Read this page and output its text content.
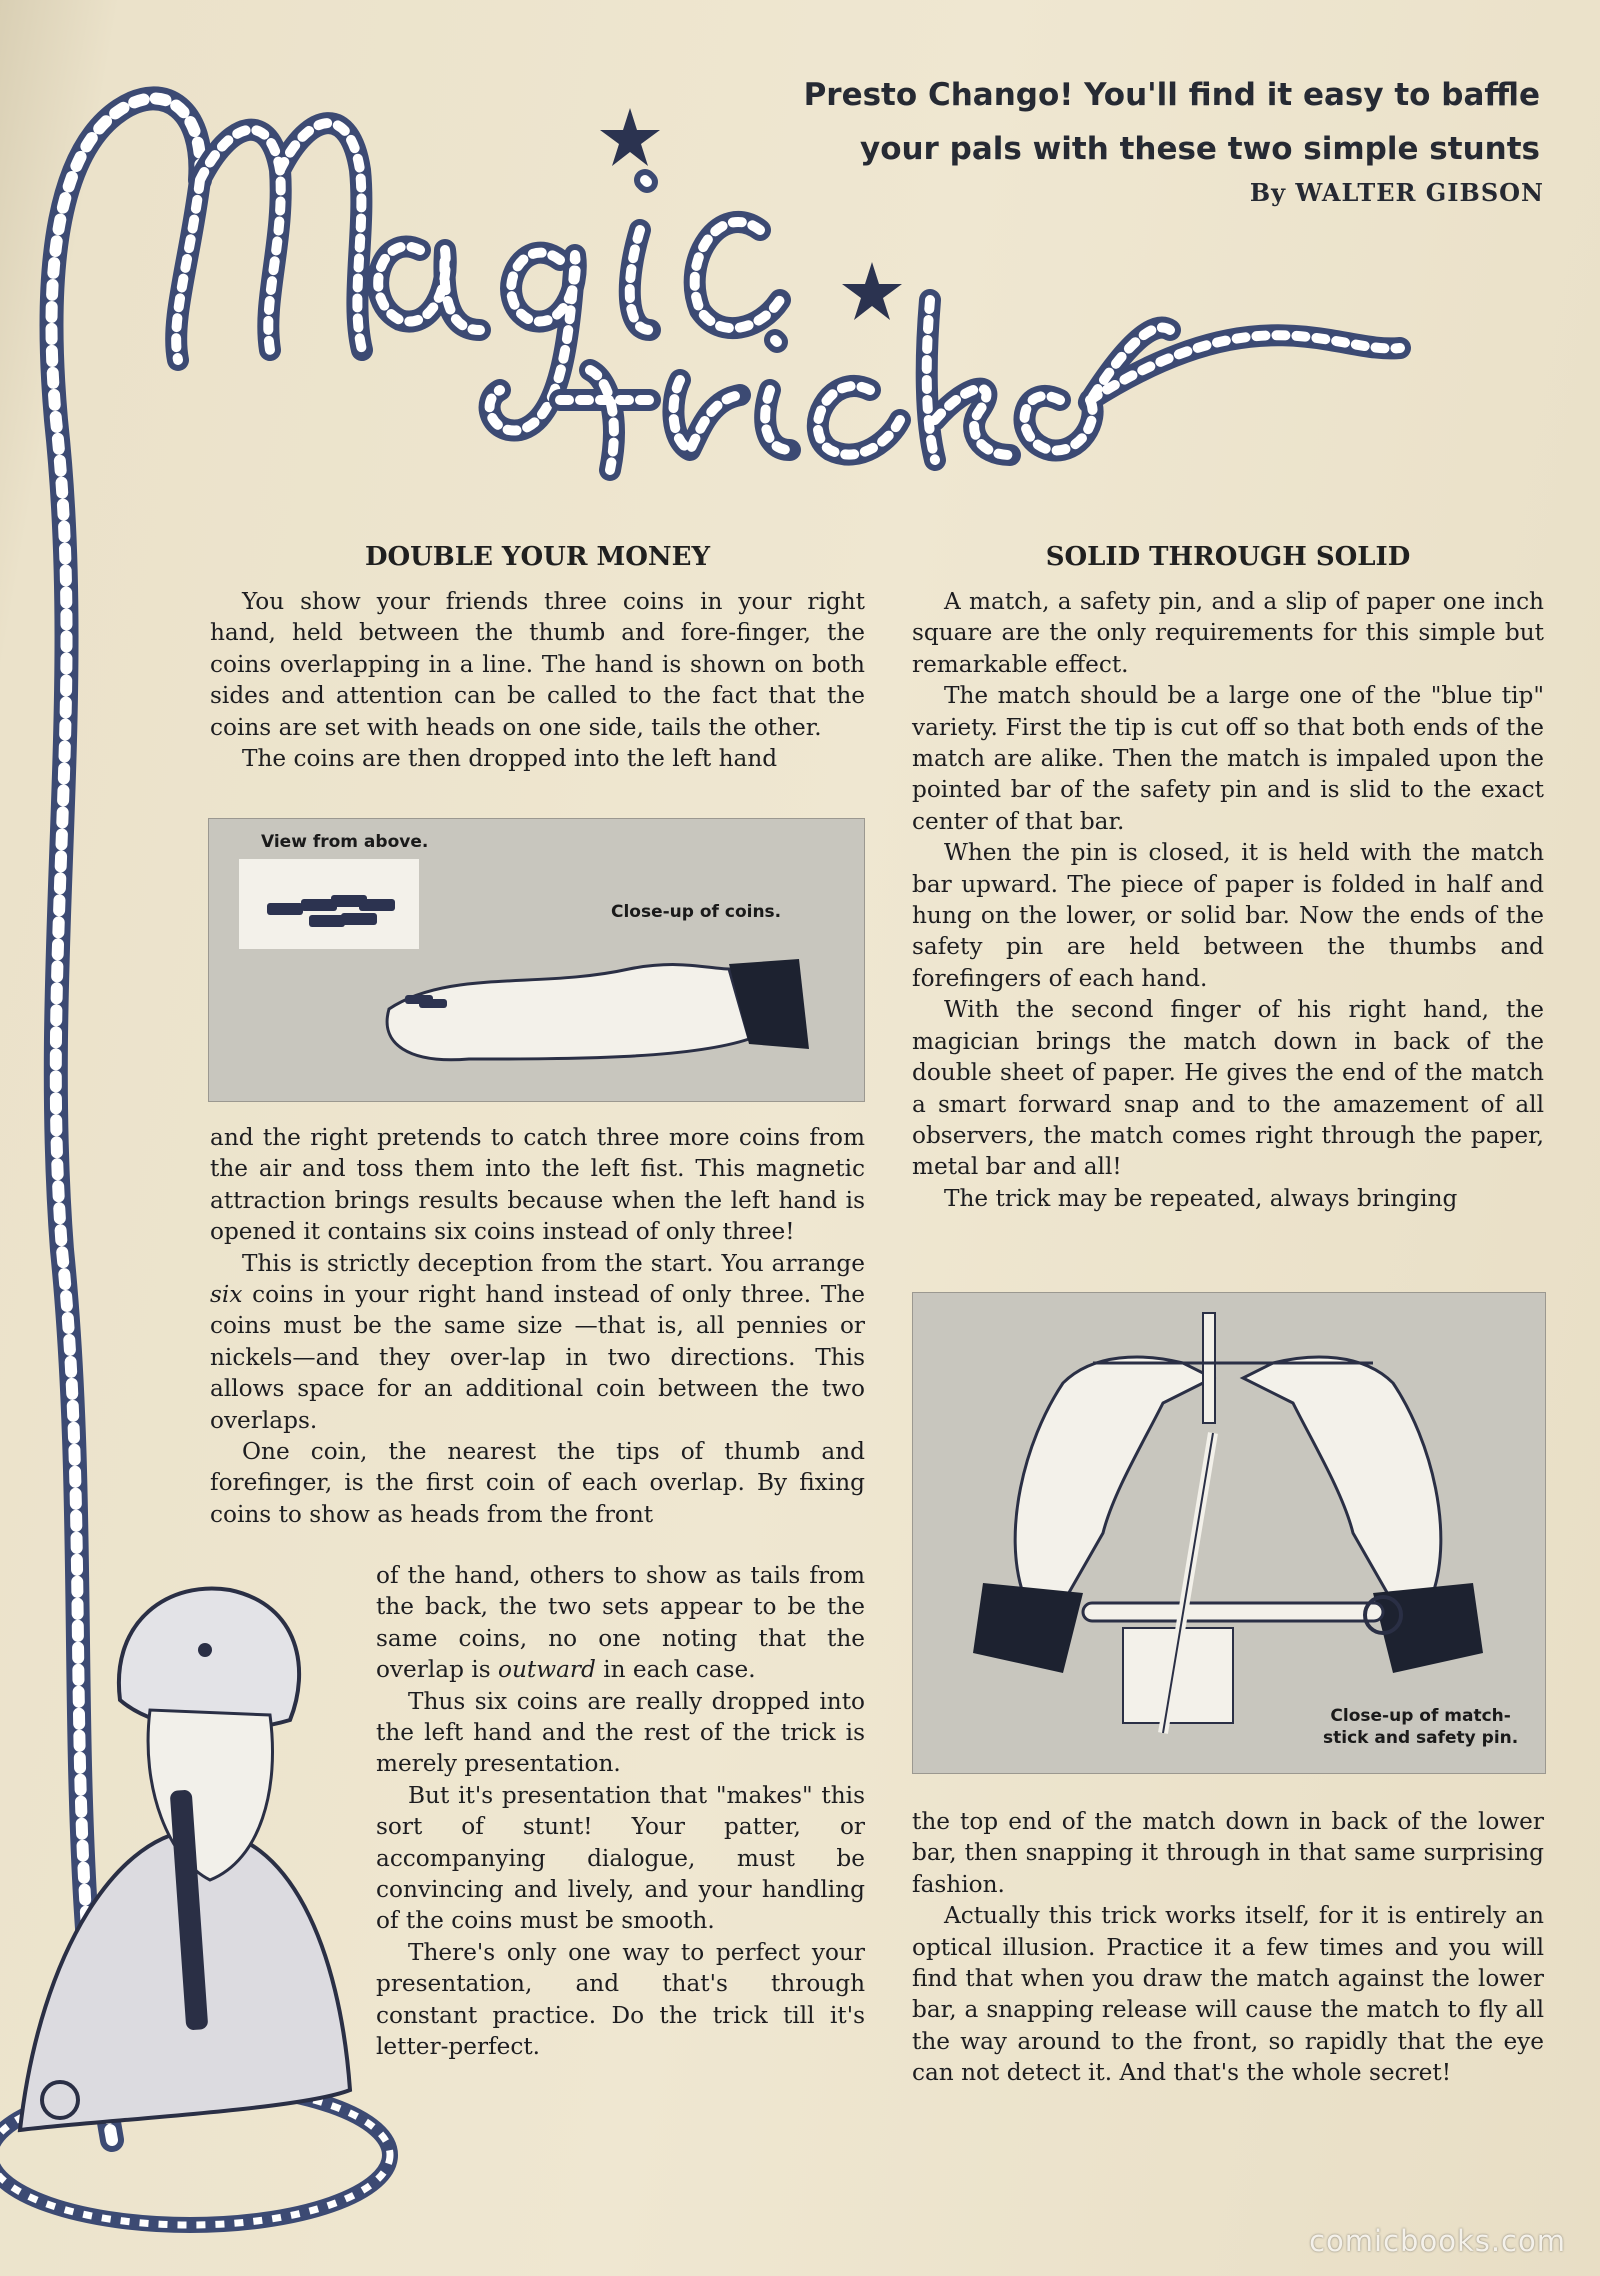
Presto Chango! You'll find it easy to baffle
your pals with these two simple stunts
By WALTER GIBSON
DOUBLE YOUR MONEY

You show your friends three coins in your right hand, held between the thumb and fore-finger, the coins overlapping in a line. The hand is shown on both sides and attention can be called to the fact that the coins are set with heads on one side, tails the other.

The coins are then dropped into the left hand

View from above.
Close-up of coins.

and the right pretends to catch three more coins from the air and toss them into the left fist. This magnetic attraction brings results because when the left hand is opened it contains six coins instead of only three!

This is strictly deception from the start. You arrange six coins in your right hand instead of only three. The coins must be the same size —that is, all pennies or nickels—and they over-lap in two directions. This allows space for an additional coin between the two overlaps.

One coin, the nearest the tips of thumb and forefinger, is the first coin of each overlap. By fixing coins to show as heads from the front

of the hand, others to show as tails from the back, the two sets appear to be the same coins, no one noting that the overlap is outward in each case.

Thus six coins are really dropped into the left hand and the rest of the trick is merely presentation.

But it's presentation that "makes" this sort of stunt! Your patter, or accompanying dialogue, must be convincing and lively, and your handling of the coins must be smooth.

There's only one way to perfect your presentation, and that's through constant practice. Do the trick till it's letter-perfect.

SOLID THROUGH SOLID

A match, a safety pin, and a slip of paper one inch square are the only requirements for this simple but remarkable effect.

The match should be a large one of the "blue tip" variety. First the tip is cut off so that both ends of the match are alike. Then the match is impaled upon the pointed bar of the safety pin and is slid to the exact center of that bar.

When the pin is closed, it is held with the match bar upward. The piece of paper is folded in half and hung on the lower, or solid bar. Now the ends of the safety pin are held between the thumbs and forefingers of each hand.

With the second finger of his right hand, the magician brings the match down in back of the double sheet of paper. He gives the end of the match a smart forward snap and to the amazement of all observers, the match comes right through the paper, metal bar and all!

The trick may be repeated, always bringing

Close-up of match-
stick and safety pin.

the top end of the match down in back of the lower bar, then snapping it through in that same surprising fashion.

Actually this trick works itself, for it is entirely an optical illusion. Practice it a few times and you will find that when you draw the match against the lower bar, a snapping release will cause the match to fly all the way around to the front, so rapidly that the eye can not detect it. And that's the whole secret!

comicbooks.com
